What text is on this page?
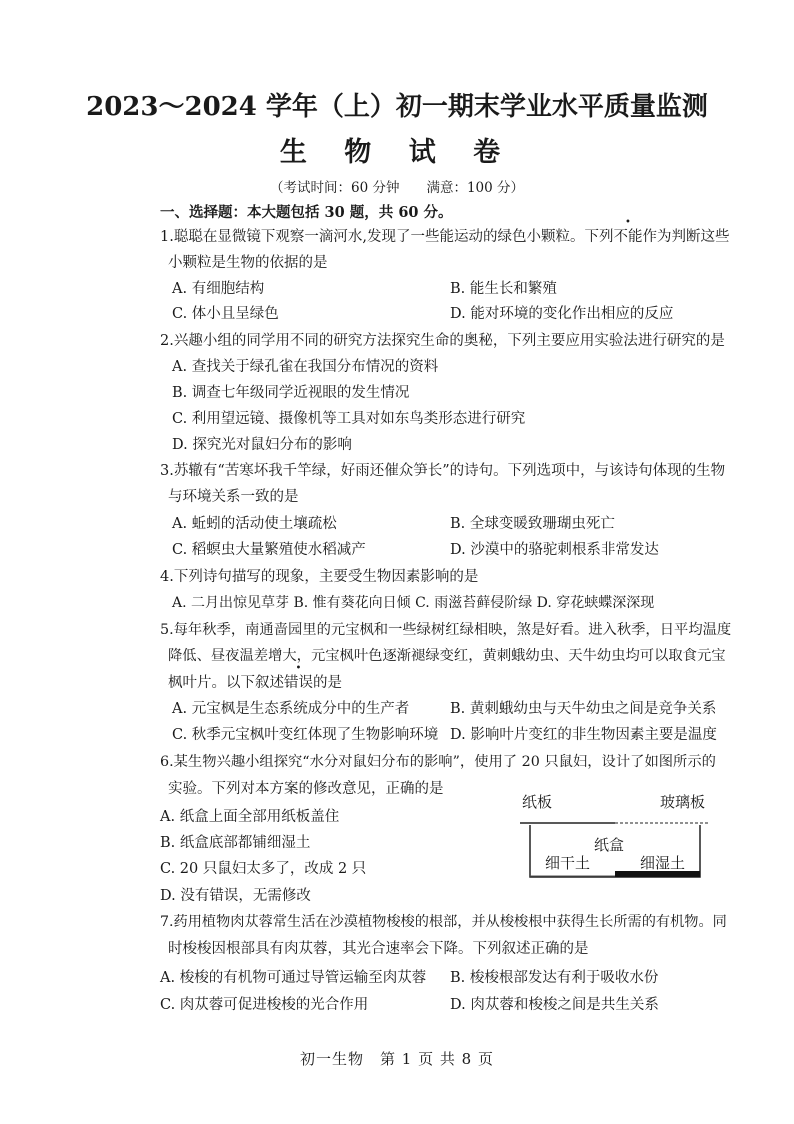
2023～2024 学年（上）初一期末学业水平质量监测
生 物 试 卷
（考试时间：60 分钟　　满意：100 分）
一、选择题：本大题包括 30 题，共 60 分。
1.聪聪在显微镜下观察一滴河水,发现了一些能运动的绿色小颗粒。下列不能作为判断这些
小颗粒是生物的依据的是
A. 有细胞结构	B. 能生长和繁殖
C. 体小且呈绿色	D. 能对环境的变化作出相应的反应
2.兴趣小组的同学用不同的研究方法探究生命的奥秘，下列主要应用实验法进行研究的是
A. 查找关于绿孔雀在我国分布情况的资料
B. 调查七年级同学近视眼的发生情况
C. 利用望远镜、摄像机等工具对如东鸟类形态进行研究
D. 探究光对鼠妇分布的影响
3.苏辙有“苦寒坏我千竿绿，好雨还催众笋长”的诗句。下列选项中，与该诗句体现的生物
与环境关系一致的是
A. 蚯蚓的活动使土壤疏松	B. 全球变暖致珊瑚虫死亡
C. 稻螟虫大量繁殖使水稻减产	D. 沙漠中的骆驼刺根系非常发达
4.下列诗句描写的现象，主要受生物因素影响的是
A. 二月出惊见草芽 B. 惟有葵花向日倾 C. 雨滋苔藓侵阶绿 D. 穿花蛱蝶深深现
5.每年秋季，南通啬园里的元宝枫和一些绿树红绿相映，煞是好看。进入秋季，日平均温度
降低、昼夜温差增大，元宝枫叶色逐渐褪绿变红，黄刺蛾幼虫、天牛幼虫均可以取食元宝
枫叶片。以下叙述错误的是
A. 元宝枫是生态系统成分中的生产者	B. 黄刺蛾幼虫与天牛幼虫之间是竞争关系
C. 秋季元宝枫叶变红体现了生物影响环境 D. 影响叶片变红的非生物因素主要是温度
6.某生物兴趣小组探究“水分对鼠妇分布的影响”，使用了 20 只鼠妇，设计了如图所示的
实验。下列对本方案的修改意见，正确的是
A. 纸盒上面全部用纸板盖住
B. 纸盒底部都铺细湿土
C. 20 只鼠妇太多了，改成 2 只
D. 没有错误，无需修改
纸板	玻璃板
纸盒
细干土	细湿土
7.药用植物肉苁蓉常生活在沙漠植物梭梭的根部，并从梭梭根中获得生长所需的有机物。同
时梭梭因根部具有肉苁蓉，其光合速率会下降。下列叙述正确的是
A. 梭梭的有机物可通过导管运输至肉苁蓉 B. 梭梭根部发达有利于吸收水份
C. 肉苁蓉可促进梭梭的光合作用	D. 肉苁蓉和梭梭之间是共生关系
初一生物　第 1 页 共 8 页
